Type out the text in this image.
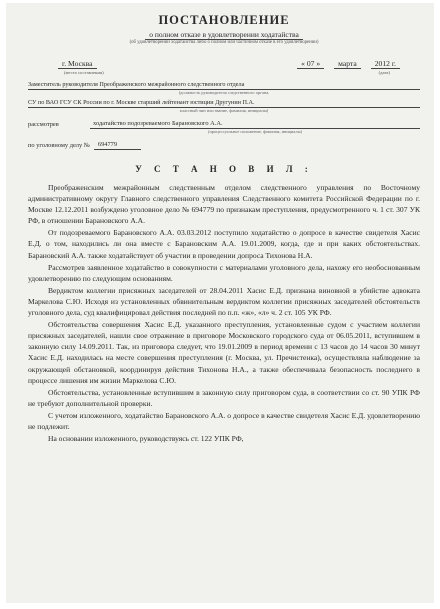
ПОСТАНОВЛЕНИЕ
о полном отказе в удовлетворении ходатайства
(об удовлетворении ходатайства либо о полном или частичном отказе в его удовлетворении)
г. Москва	« 07 »	марта	2012 г.
(место составления)	(дата)
Заместитель руководителя Преображенского межрайонного следственного отдела
(должность руководителя следственного органа,
СУ по ВАО ГСУ СК России по г. Москве старший лейтенант юстиции Другунин П.А.
классный чин или звание, фамилия, инициалы)
рассмотрев	ходатайство подозреваемого Барановского А.А.
(процессуальное положение, фамилия, инициалы)
по уголовному делу №	694779
У С Т А Н О В И Л :

Преображенским межрайонным следственным отделом следственного управления по Восточному административному округу Главного следственного управления Следственного комитета Российской Федерации по г. Москве 12.12.2011 возбуждено уголовное дело № 694779 по признакам преступления, предусмотренного ч. 1 ст. 307 УК РФ, в отношении Барановского А.А.

От подозреваемого Барановского А.А. 03.03.2012 поступило ходатайство о допросе в качестве свидетеля Хасис Е.Д. о том, находились ли она вместе с Барановским А.А. 19.01.2009, когда, где и при каких обстоятельствах. Барановский А.А. также ходатайствует об участии в проведении допроса Тихонова Н.А.

Рассмотрев заявленное ходатайство в совокупности с материалами уголовного дела, нахожу его необоснованным удовлетворению по следующим основаниям.

Вердиктом коллегии присяжных заседателей от 28.04.2011 Хасис Е.Д. признана виновной в убийстве адвоката Маркелова С.Ю. Исходя из установленных обвинительным вердиктом коллегии присяжных заседателей обстоятельств уголовного дела, суд квалифицировал действия последней по п.п. «ж», «л» ч. 2 ст. 105 УК РФ.

Обстоятельства совершения Хасис Е.Д. указанного преступления, установленные судом с участием коллегии присяжных заседателей, нашли свое отражение в приговоре Московского городского суда от 06.05.2011, вступившем в законную силу 14.09.2011. Так, из приговора следует, что 19.01.2009 в период времени с 13 часов до 14 часов 30 минут Хасис Е.Д. находилась на месте совершения преступления (г. Москва, ул. Пречистенка), осуществляла наблюдение за окружающей обстановкой, координируя действия Тихонова Н.А., а также обеспечивала безопасность последнего в процессе лишения им жизни Маркелова С.Ю.

Обстоятельства, установленные вступившим в законную силу приговором суда, в соответствии со ст. 90 УПК РФ не требуют дополнительной проверки.

С учетом изложенного, ходатайство Барановского А.А. о допросе в качестве свидетеля Хасис Е.Д. удовлетворению не подлежит.

На основании изложенного, руководствуясь ст. 122 УПК РФ,
